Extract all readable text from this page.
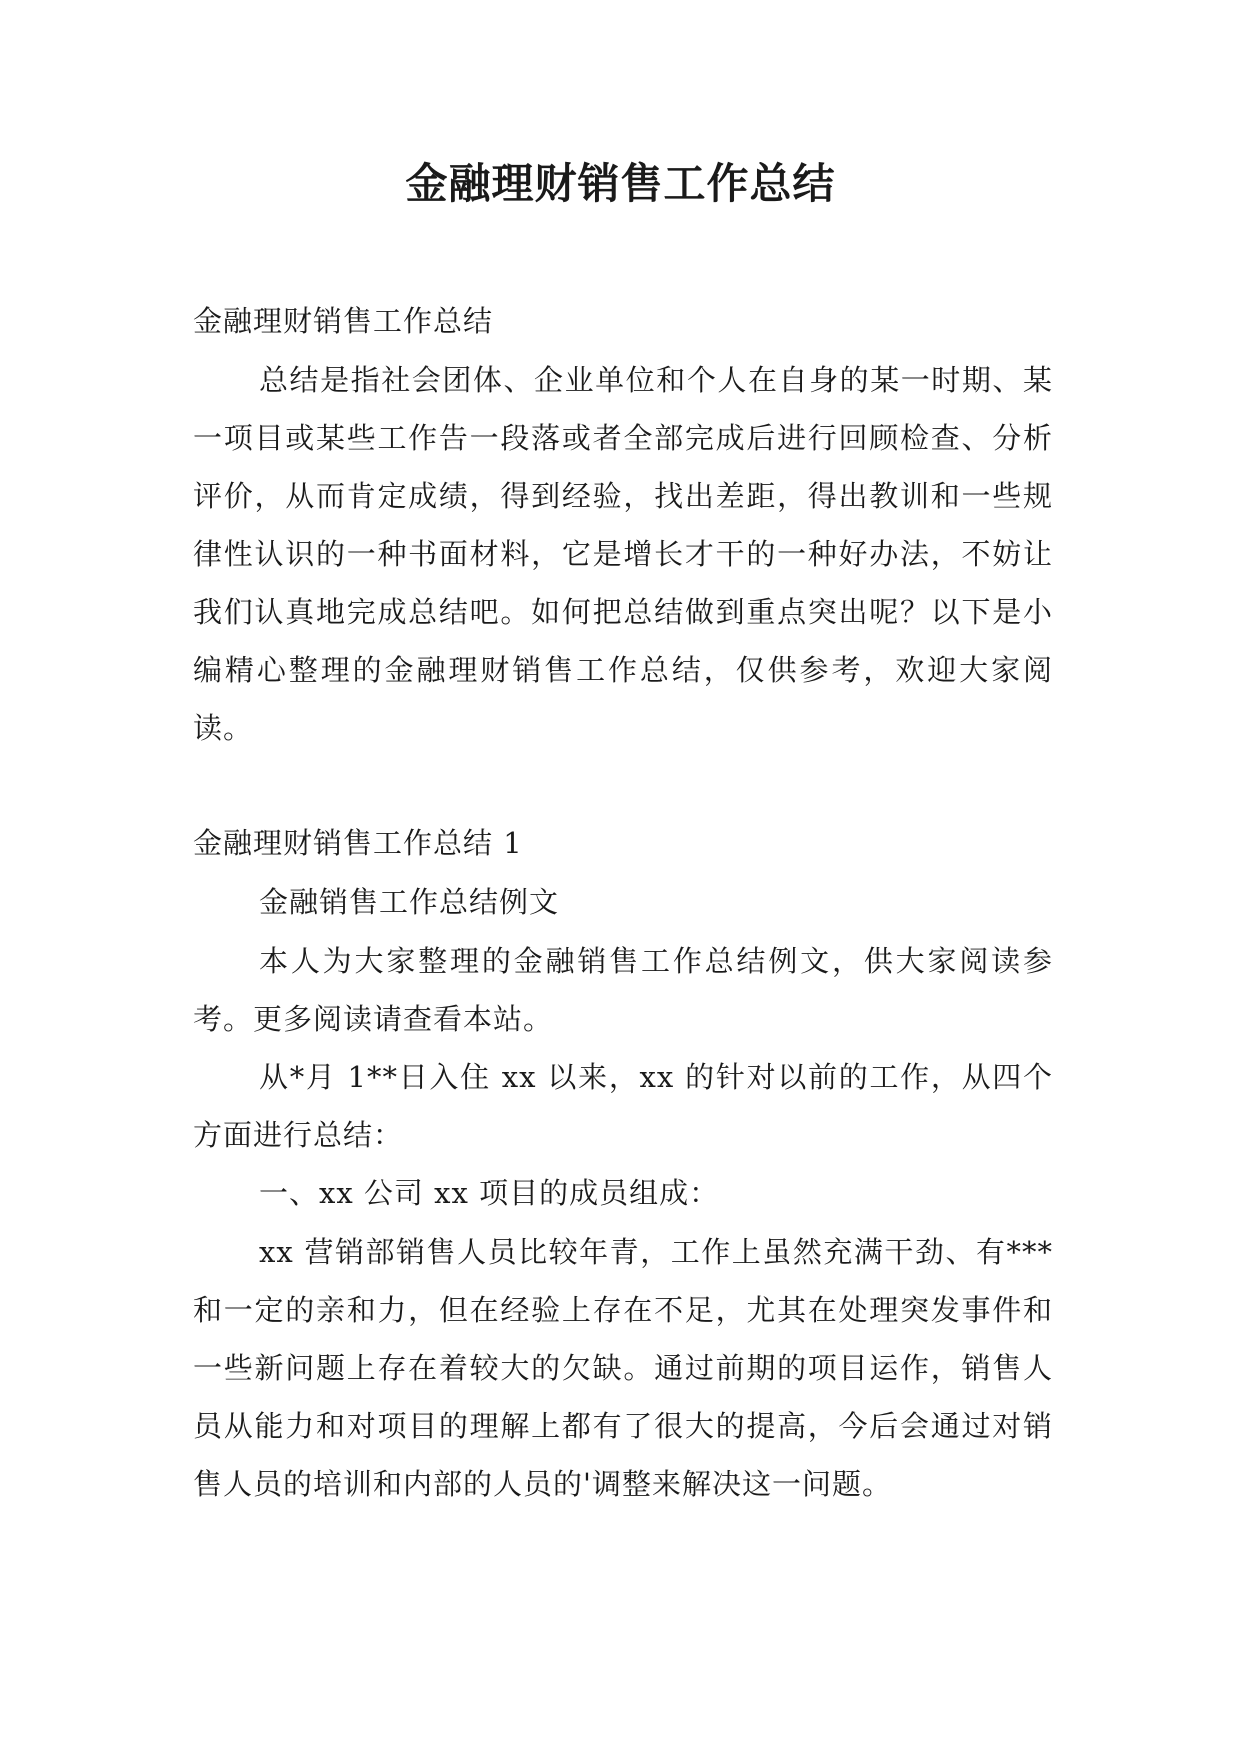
金融理财销售工作总结

金融理财销售工作总结

总结是指社会团体、企业单位和个人在自身的某一时期、某一项目或某些工作告一段落或者全部完成后进行回顾检查、分析评价，从而肯定成绩，得到经验，找出差距，得出教训和一些规律性认识的一种书面材料，它是增长才干的一种好办法，不妨让我们认真地完成总结吧。如何把总结做到重点突出呢？以下是小编精心整理的金融理财销售工作总结，仅供参考，欢迎大家阅读。

金融理财销售工作总结 1

金融销售工作总结例文

本人为大家整理的金融销售工作总结例文，供大家阅读参考。更多阅读请查看本站。

从*月 1**日入住 xx 以来，xx 的针对以前的工作，从四个方面进行总结：

一、xx 公司 xx 项目的成员组成：

xx 营销部销售人员比较年青，工作上虽然充满干劲、有***和一定的亲和力，但在经验上存在不足，尤其在处理突发事件和一些新问题上存在着较大的欠缺。通过前期的项目运作，销售人员从能力和对项目的理解上都有了很大的提高，今后会通过对销售人员的培训和内部的人员的'调整来解决这一问题。
